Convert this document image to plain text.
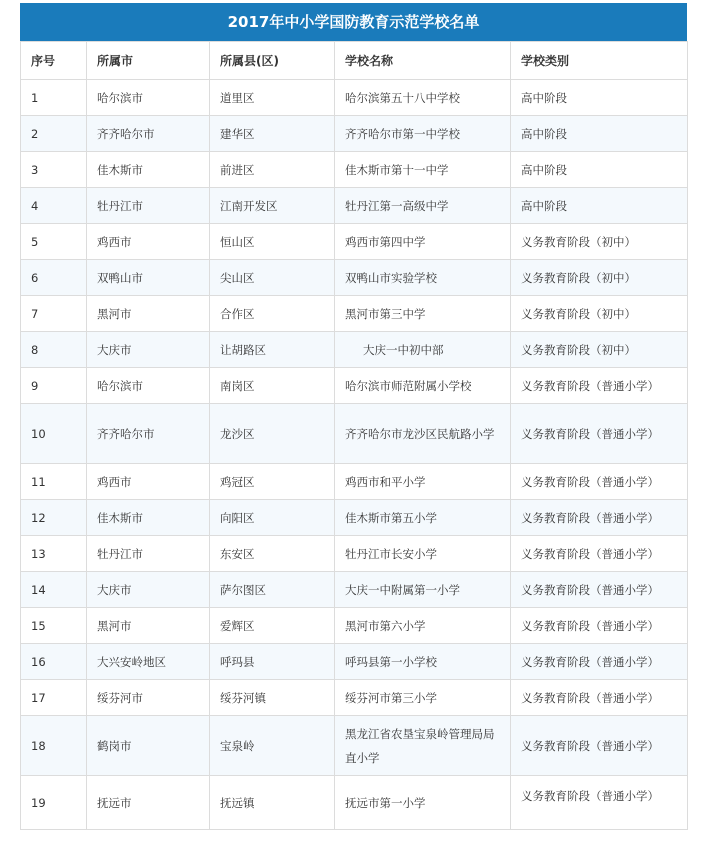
2017年中小学国防教育示范学校名单
序号	所属市	所属县(区)	学校名称	学校类别
1	哈尔滨市	道里区	哈尔滨第五十八中学校	高中阶段
2	齐齐哈尔市	建华区	齐齐哈尔市第一中学校	高中阶段
3	佳木斯市	前进区	佳木斯市第十一中学	高中阶段
4	牡丹江市	江南开发区	牡丹江第一高级中学	高中阶段
5	鸡西市	恒山区	鸡西市第四中学	义务教育阶段（初中）
6	双鸭山市	尖山区	双鸭山市实验学校	义务教育阶段（初中）
7	黑河市	合作区	黑河市第三中学	义务教育阶段（初中）
8	大庆市	让胡路区	大庆一中初中部	义务教育阶段（初中）
9	哈尔滨市	南岗区	哈尔滨市师范附属小学校	义务教育阶段（普通小学）
10	齐齐哈尔市	龙沙区	齐齐哈尔市龙沙区民航路小学	义务教育阶段（普通小学）
11	鸡西市	鸡冠区	鸡西市和平小学	义务教育阶段（普通小学）
12	佳木斯市	向阳区	佳木斯市第五小学	义务教育阶段（普通小学）
13	牡丹江市	东安区	牡丹江市长安小学	义务教育阶段（普通小学）
14	大庆市	萨尔图区	大庆一中附属第一小学	义务教育阶段（普通小学）
15	黑河市	爱辉区	黑河市第六小学	义务教育阶段（普通小学）
16	大兴安岭地区	呼玛县	呼玛县第一小学校	义务教育阶段（普通小学）
17	绥芬河市	绥芬河镇	绥芬河市第三小学	义务教育阶段（普通小学）
18	鹤岗市	宝泉岭	黑龙江省农垦宝泉岭管理局局直小学	义务教育阶段（普通小学）
19	抚远市	抚远镇	抚远市第一小学	义务教育阶段（普通小学）
